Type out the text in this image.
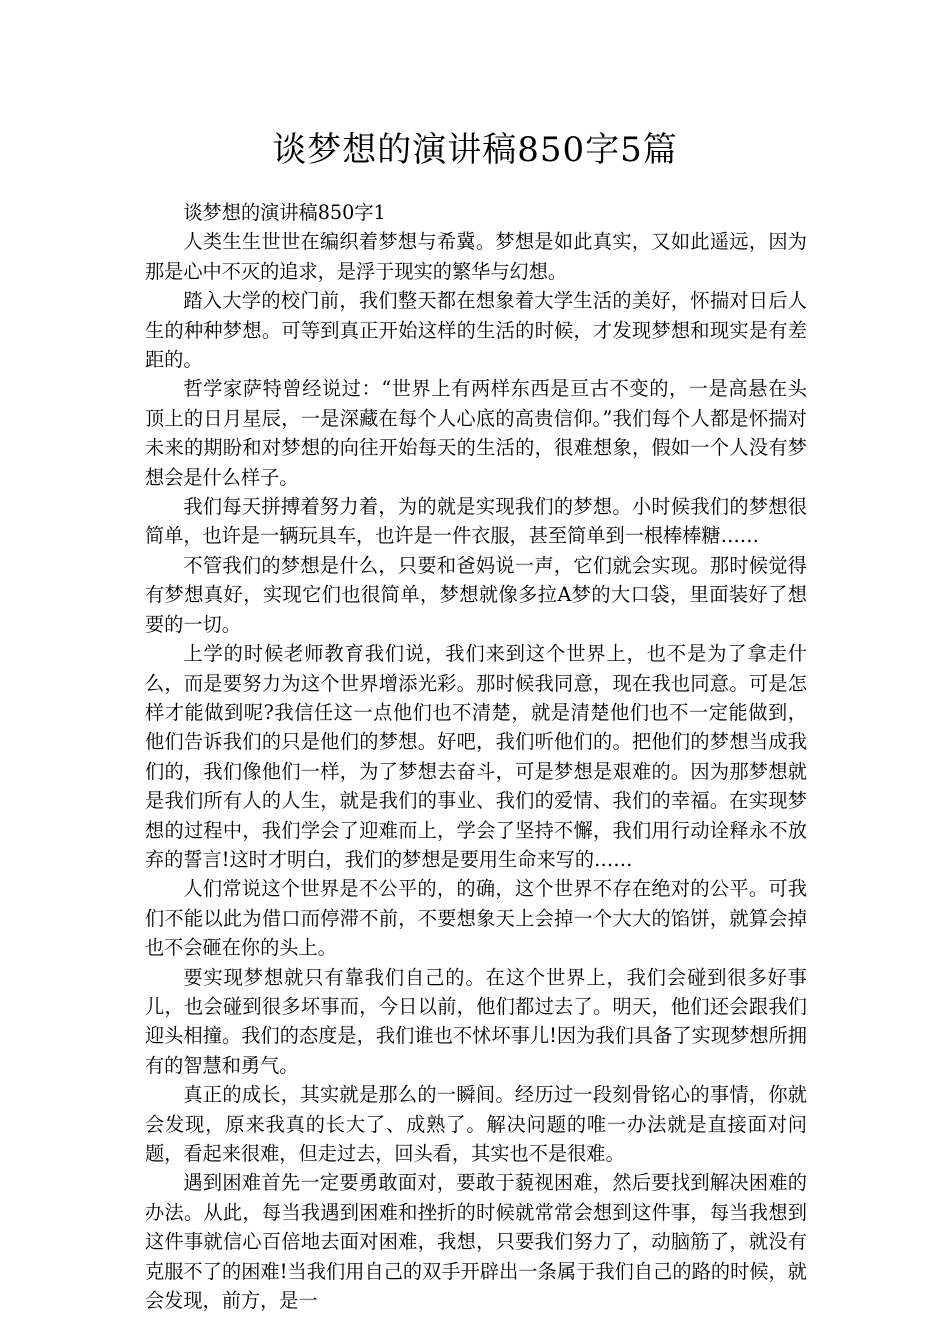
谈梦想的演讲稿850字5篇

谈梦想的演讲稿850字1

人类生生世世在编织着梦想与希冀。梦想是如此真实，又如此遥远，因为那是心中不灭的追求，是浮于现实的繁华与幻想。

踏入大学的校门前，我们整天都在想象着大学生活的美好，怀揣对日后人生的种种梦想。可等到真正开始这样的生活的时候，才发现梦想和现实是有差距的。

哲学家萨特曾经说过：“世界上有两样东西是亘古不变的，一是高悬在头顶上的日月星辰，一是深藏在每个人心底的高贵信仰。”我们每个人都是怀揣对未来的期盼和对梦想的向往开始每天的生活的，很难想象，假如一个人没有梦想会是什么样子。

我们每天拼搏着努力着，为的就是实现我们的梦想。小时候我们的梦想很简单，也许是一辆玩具车，也许是一件衣服，甚至简单到一根棒棒糖……

不管我们的梦想是什么，只要和爸妈说一声，它们就会实现。那时候觉得有梦想真好，实现它们也很简单，梦想就像多拉A梦的大口袋，里面装好了想要的一切。

上学的时候老师教育我们说，我们来到这个世界上，也不是为了拿走什么，而是要努力为这个世界增添光彩。那时候我同意，现在我也同意。可是怎样才能做到呢?我信任这一点他们也不清楚，就是清楚他们也不一定能做到，他们告诉我们的只是他们的梦想。好吧，我们听他们的。把他们的梦想当成我们的，我们像他们一样，为了梦想去奋斗，可是梦想是艰难的。因为那梦想就是我们所有人的人生，就是我们的事业、我们的爱情、我们的幸福。在实现梦想的过程中，我们学会了迎难而上，学会了坚持不懈，我们用行动诠释永不放弃的誓言!这时才明白，我们的梦想是要用生命来写的……

人们常说这个世界是不公平的，的确，这个世界不存在绝对的公平。可我们不能以此为借口而停滞不前，不要想象天上会掉一个大大的馅饼，就算会掉也不会砸在你的头上。

要实现梦想就只有靠我们自己的。在这个世界上，我们会碰到很多好事儿，也会碰到很多坏事而，今日以前，他们都过去了。明天，他们还会跟我们迎头相撞。我们的态度是，我们谁也不怵坏事儿!因为我们具备了实现梦想所拥有的智慧和勇气。

真正的成长，其实就是那么的一瞬间。经历过一段刻骨铭心的事情，你就会发现，原来我真的长大了、成熟了。解决问题的唯一办法就是直接面对问题，看起来很难，但走过去，回头看，其实也不是很难。

遇到困难首先一定要勇敢面对，要敢于藐视困难，然后要找到解决困难的办法。从此，每当我遇到困难和挫折的时候就常常会想到这件事，每当我想到这件事就信心百倍地去面对困难，我想，只要我们努力了，动脑筋了，就没有克服不了的困难!当我们用自己的双手开辟出一条属于我们自己的路的时候，就会发现，前方，是一
